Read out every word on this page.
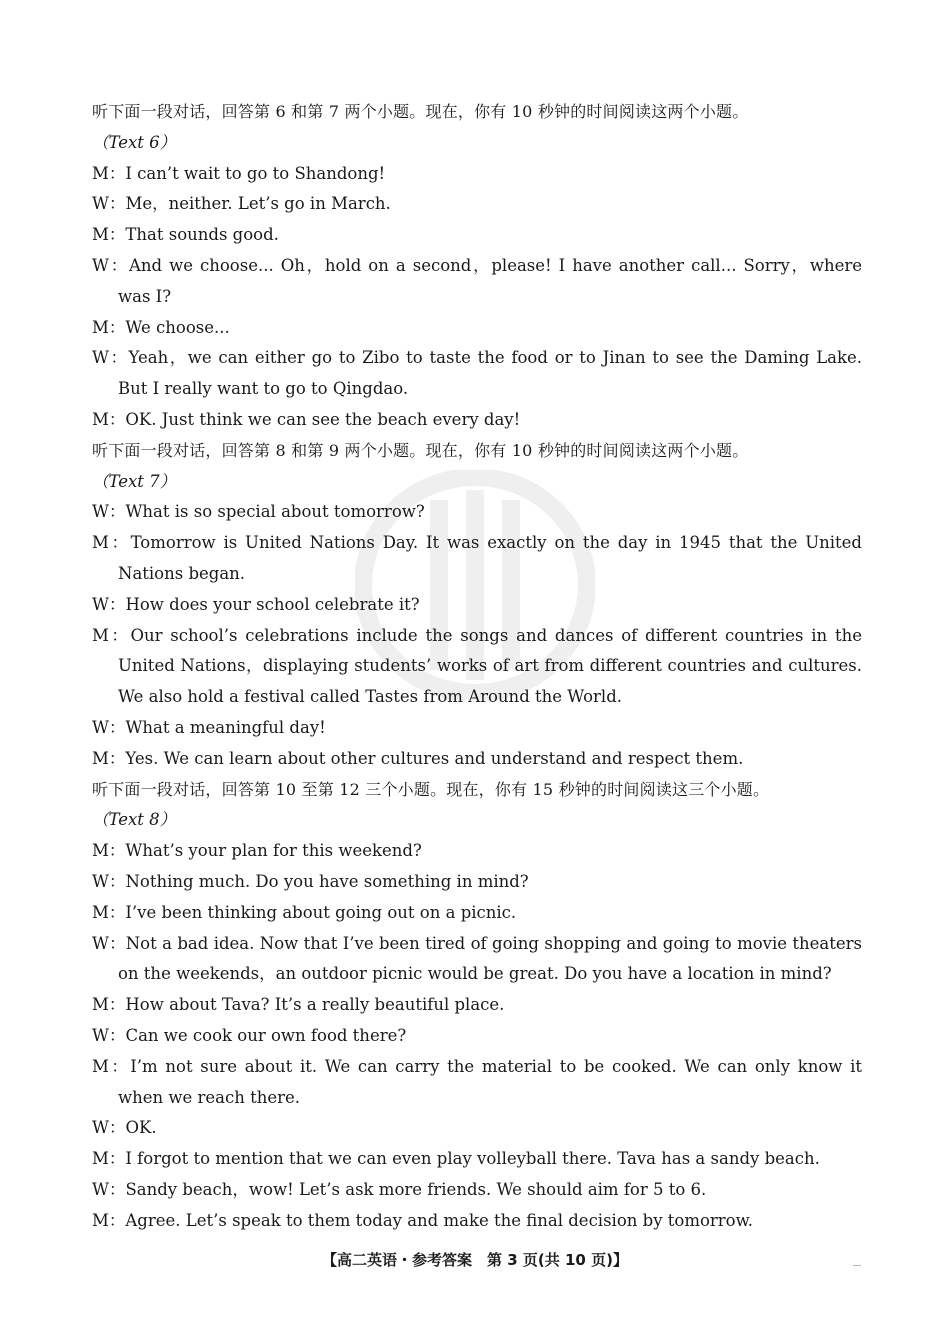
听下面一段对话，回答第 6 和第 7 两个小题。现在，你有 10 秒钟的时间阅读这两个小题。

（Text 6）

M：I can’t wait to go to Shandong!

W：Me，neither. Let’s go in March.

M：That sounds good.

W：And we choose... Oh，hold on a second，please! I have another call... Sorry，where was I?

M：We choose...

W：Yeah，we can either go to Zibo to taste the food or to Jinan to see the Daming Lake. But I really want to go to Qingdao.

M：OK. Just think we can see the beach every day!

听下面一段对话，回答第 8 和第 9 两个小题。现在，你有 10 秒钟的时间阅读这两个小题。

（Text 7）

W：What is so special about tomorrow?

M：Tomorrow is United Nations Day. It was exactly on the day in 1945 that the United Nations began.

W：How does your school celebrate it?

M：Our school’s celebrations include the songs and dances of different countries in the United Nations，displaying students’ works of art from different countries and cultures. We also hold a festival called Tastes from Around the World.

W：What a meaningful day!

M：Yes. We can learn about other cultures and understand and respect them.

听下面一段对话，回答第 10 至第 12 三个小题。现在，你有 15 秒钟的时间阅读这三个小题。

（Text 8）

M：What’s your plan for this weekend?

W：Nothing much. Do you have something in mind?

M：I’ve been thinking about going out on a picnic.

W：Not a bad idea. Now that I’ve been tired of going shopping and going to movie theaters on the weekends，an outdoor picnic would be great. Do you have a location in mind?

M：How about Tava? It’s a really beautiful place.

W：Can we cook our own food there?

M：I’m not sure about it. We can carry the material to be cooked. We can only know it when we reach there.

W：OK.

M：I forgot to mention that we can even play volleyball there. Tava has a sandy beach.

W：Sandy beach，wow! Let’s ask more friends. We should aim for 5 to 6.

M：Agree. Let’s speak to them today and make the final decision by tomorrow.

【高二英语・参考答案　第 3 页(共 10 页)】
